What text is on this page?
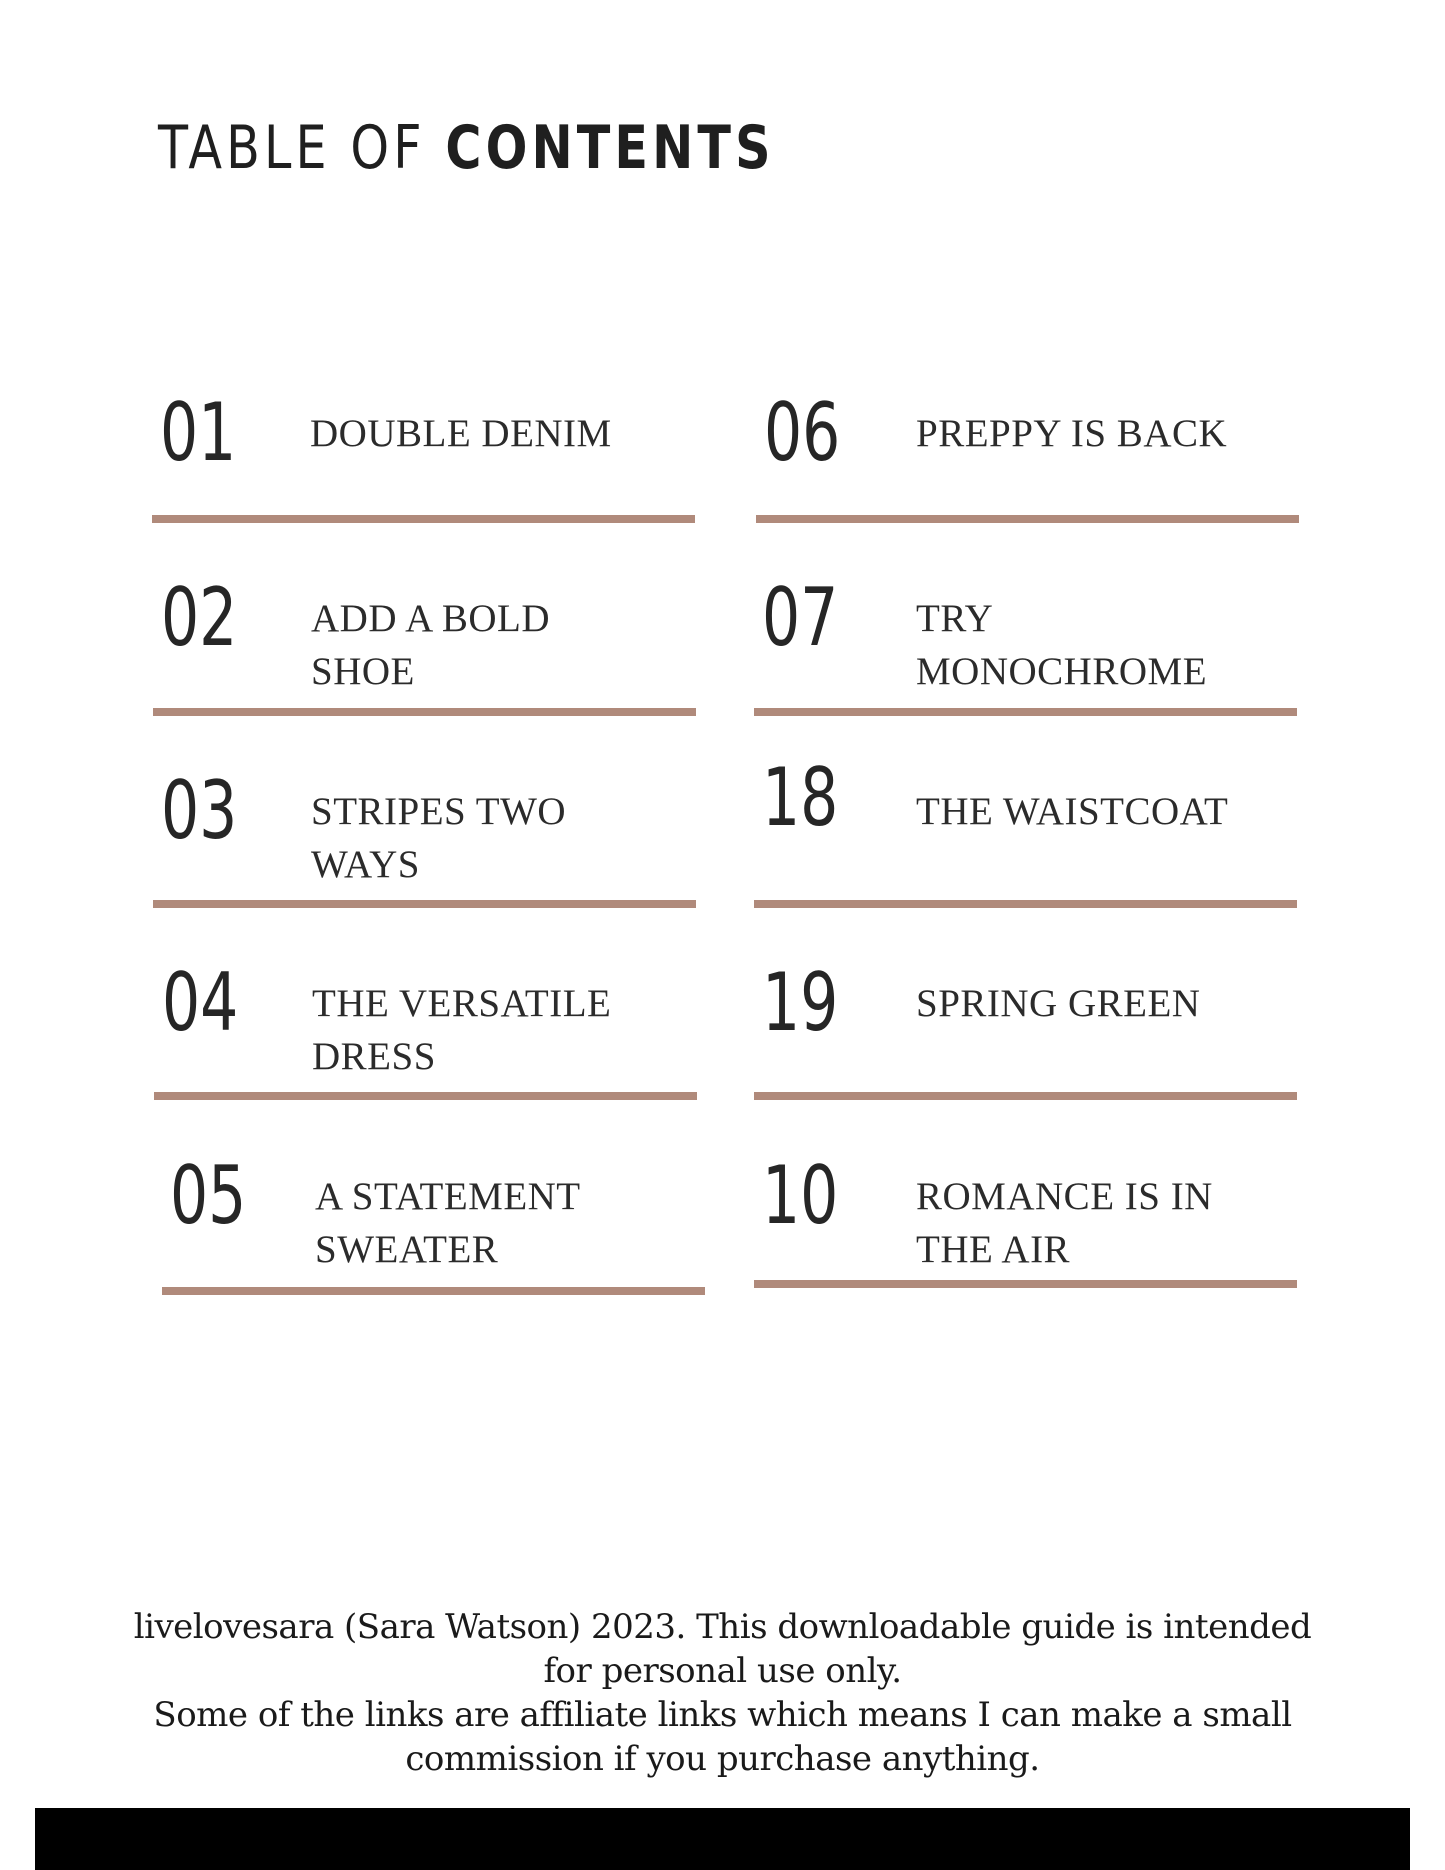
TABLE OF CONTENTS
01 DOUBLE DENIM
02 ADD A BOLD
SHOE
03 STRIPES TWO
WAYS
04 THE VERSATILE
DRESS
05 A STATEMENT
SWEATER
06 PREPPY IS BACK
07 TRY
MONOCHROME
18 THE WAISTCOAT
19 SPRING GREEN
10 ROMANCE IS IN
THE AIR

livelovesara (Sara Watson) 2023. This downloadable guide is intended for personal use only.

Some of the links are affiliate links which means I can make a small commission if you purchase anything.
